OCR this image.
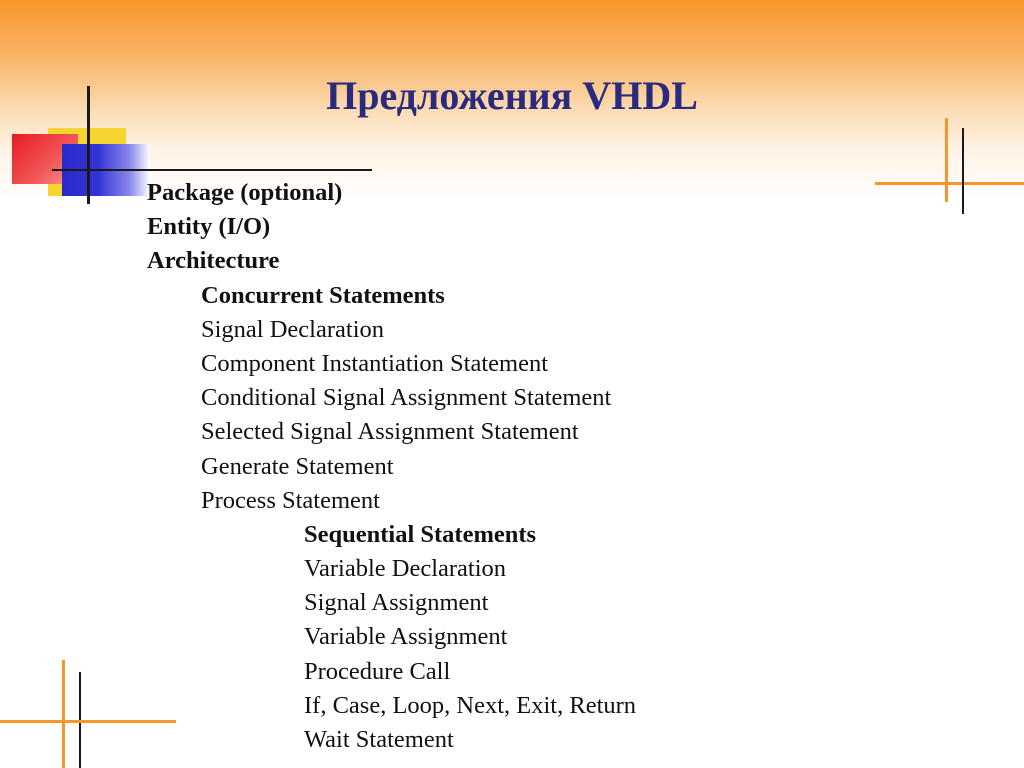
Предложения VHDL
Package (optional)
Entity (I/O)
Architecture
Concurrent Statements
Signal Declaration
Component Instantiation Statement
Conditional Signal Assignment Statement
Selected Signal Assignment Statement
Generate Statement
Process Statement
Sequential Statements
Variable Declaration
Signal Assignment
Variable Assignment
Procedure Call
If, Case, Loop, Next, Exit, Return
Wait Statement
